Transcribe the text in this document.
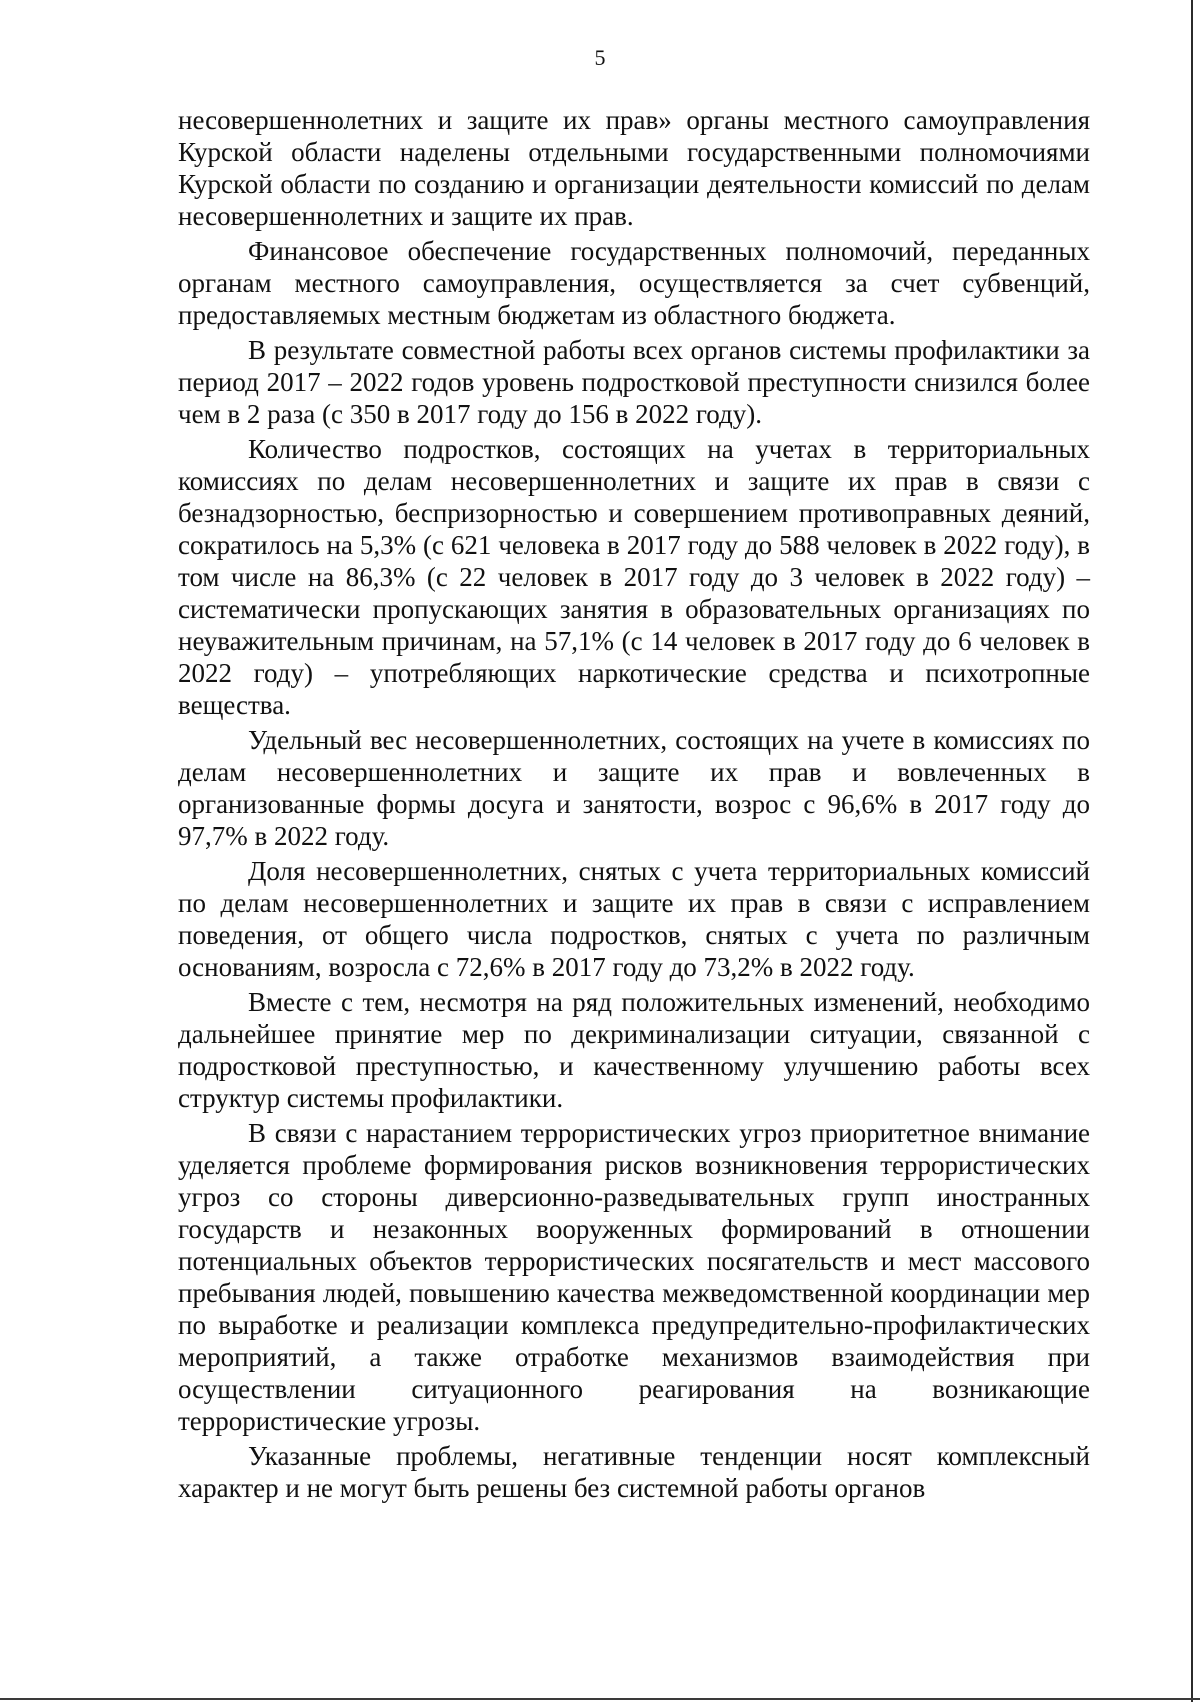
5

несовершеннолетних и защите их прав» органы местного самоуправления Курской области наделены отдельными государственными полномочиями Курской области по созданию и организации деятельности комиссий по делам несовершеннолетних и защите их прав.

Финансовое обеспечение государственных полномочий, переданных органам местного самоуправления, осуществляется за счет субвенций, предоставляемых местным бюджетам из областного бюджета.

В результате совместной работы всех органов системы профилактики за период 2017 – 2022 годов уровень подростковой преступности снизился более чем в 2 раза (с 350 в 2017 году до 156 в 2022 году).

Количество подростков, состоящих на учетах в территориальных комиссиях по делам несовершеннолетних и защите их прав в связи с безнадзорностью, беспризорностью и совершением противоправных деяний, сократилось на 5,3% (с 621 человека в 2017 году до 588 человек в 2022 году), в том числе на 86,3% (с 22 человек в 2017 году до 3 человек в 2022 году) – систематически пропускающих занятия в образовательных организациях по неуважительным причинам, на 57,1% (с 14 человек в 2017 году до 6 человек в 2022 году) – употребляющих наркотические средства и психотропные вещества.

Удельный вес несовершеннолетних, состоящих на учете в комиссиях по делам несовершеннолетних и защите их прав и вовлеченных в организованные формы досуга и занятости, возрос с 96,6% в 2017 году до 97,7% в 2022 году.

Доля несовершеннолетних, снятых с учета территориальных комиссий по делам несовершеннолетних и защите их прав в связи с исправлением поведения, от общего числа подростков, снятых с учета по различным основаниям, возросла с 72,6% в 2017 году до 73,2% в 2022 году.

Вместе с тем, несмотря на ряд положительных изменений, необходимо дальнейшее принятие мер по декриминализации ситуации, связанной с подростковой преступностью, и качественному улучшению работы всех структур системы профилактики.

В связи с нарастанием террористических угроз приоритетное внимание уделяется проблеме формирования рисков возникновения террористических угроз со стороны диверсионно-разведывательных групп иностранных государств и незаконных вооруженных формирований в отношении потенциальных объектов террористических посягательств и мест массового пребывания людей, повышению качества межведомственной координации мер по выработке и реализации комплекса предупредительно-профилактических мероприятий, а также отработке механизмов взаимодействия при осуществлении ситуационного реагирования на возникающие террористические угрозы.

Указанные проблемы, негативные тенденции носят комплексный характер и не могут быть решены без системной работы органов
